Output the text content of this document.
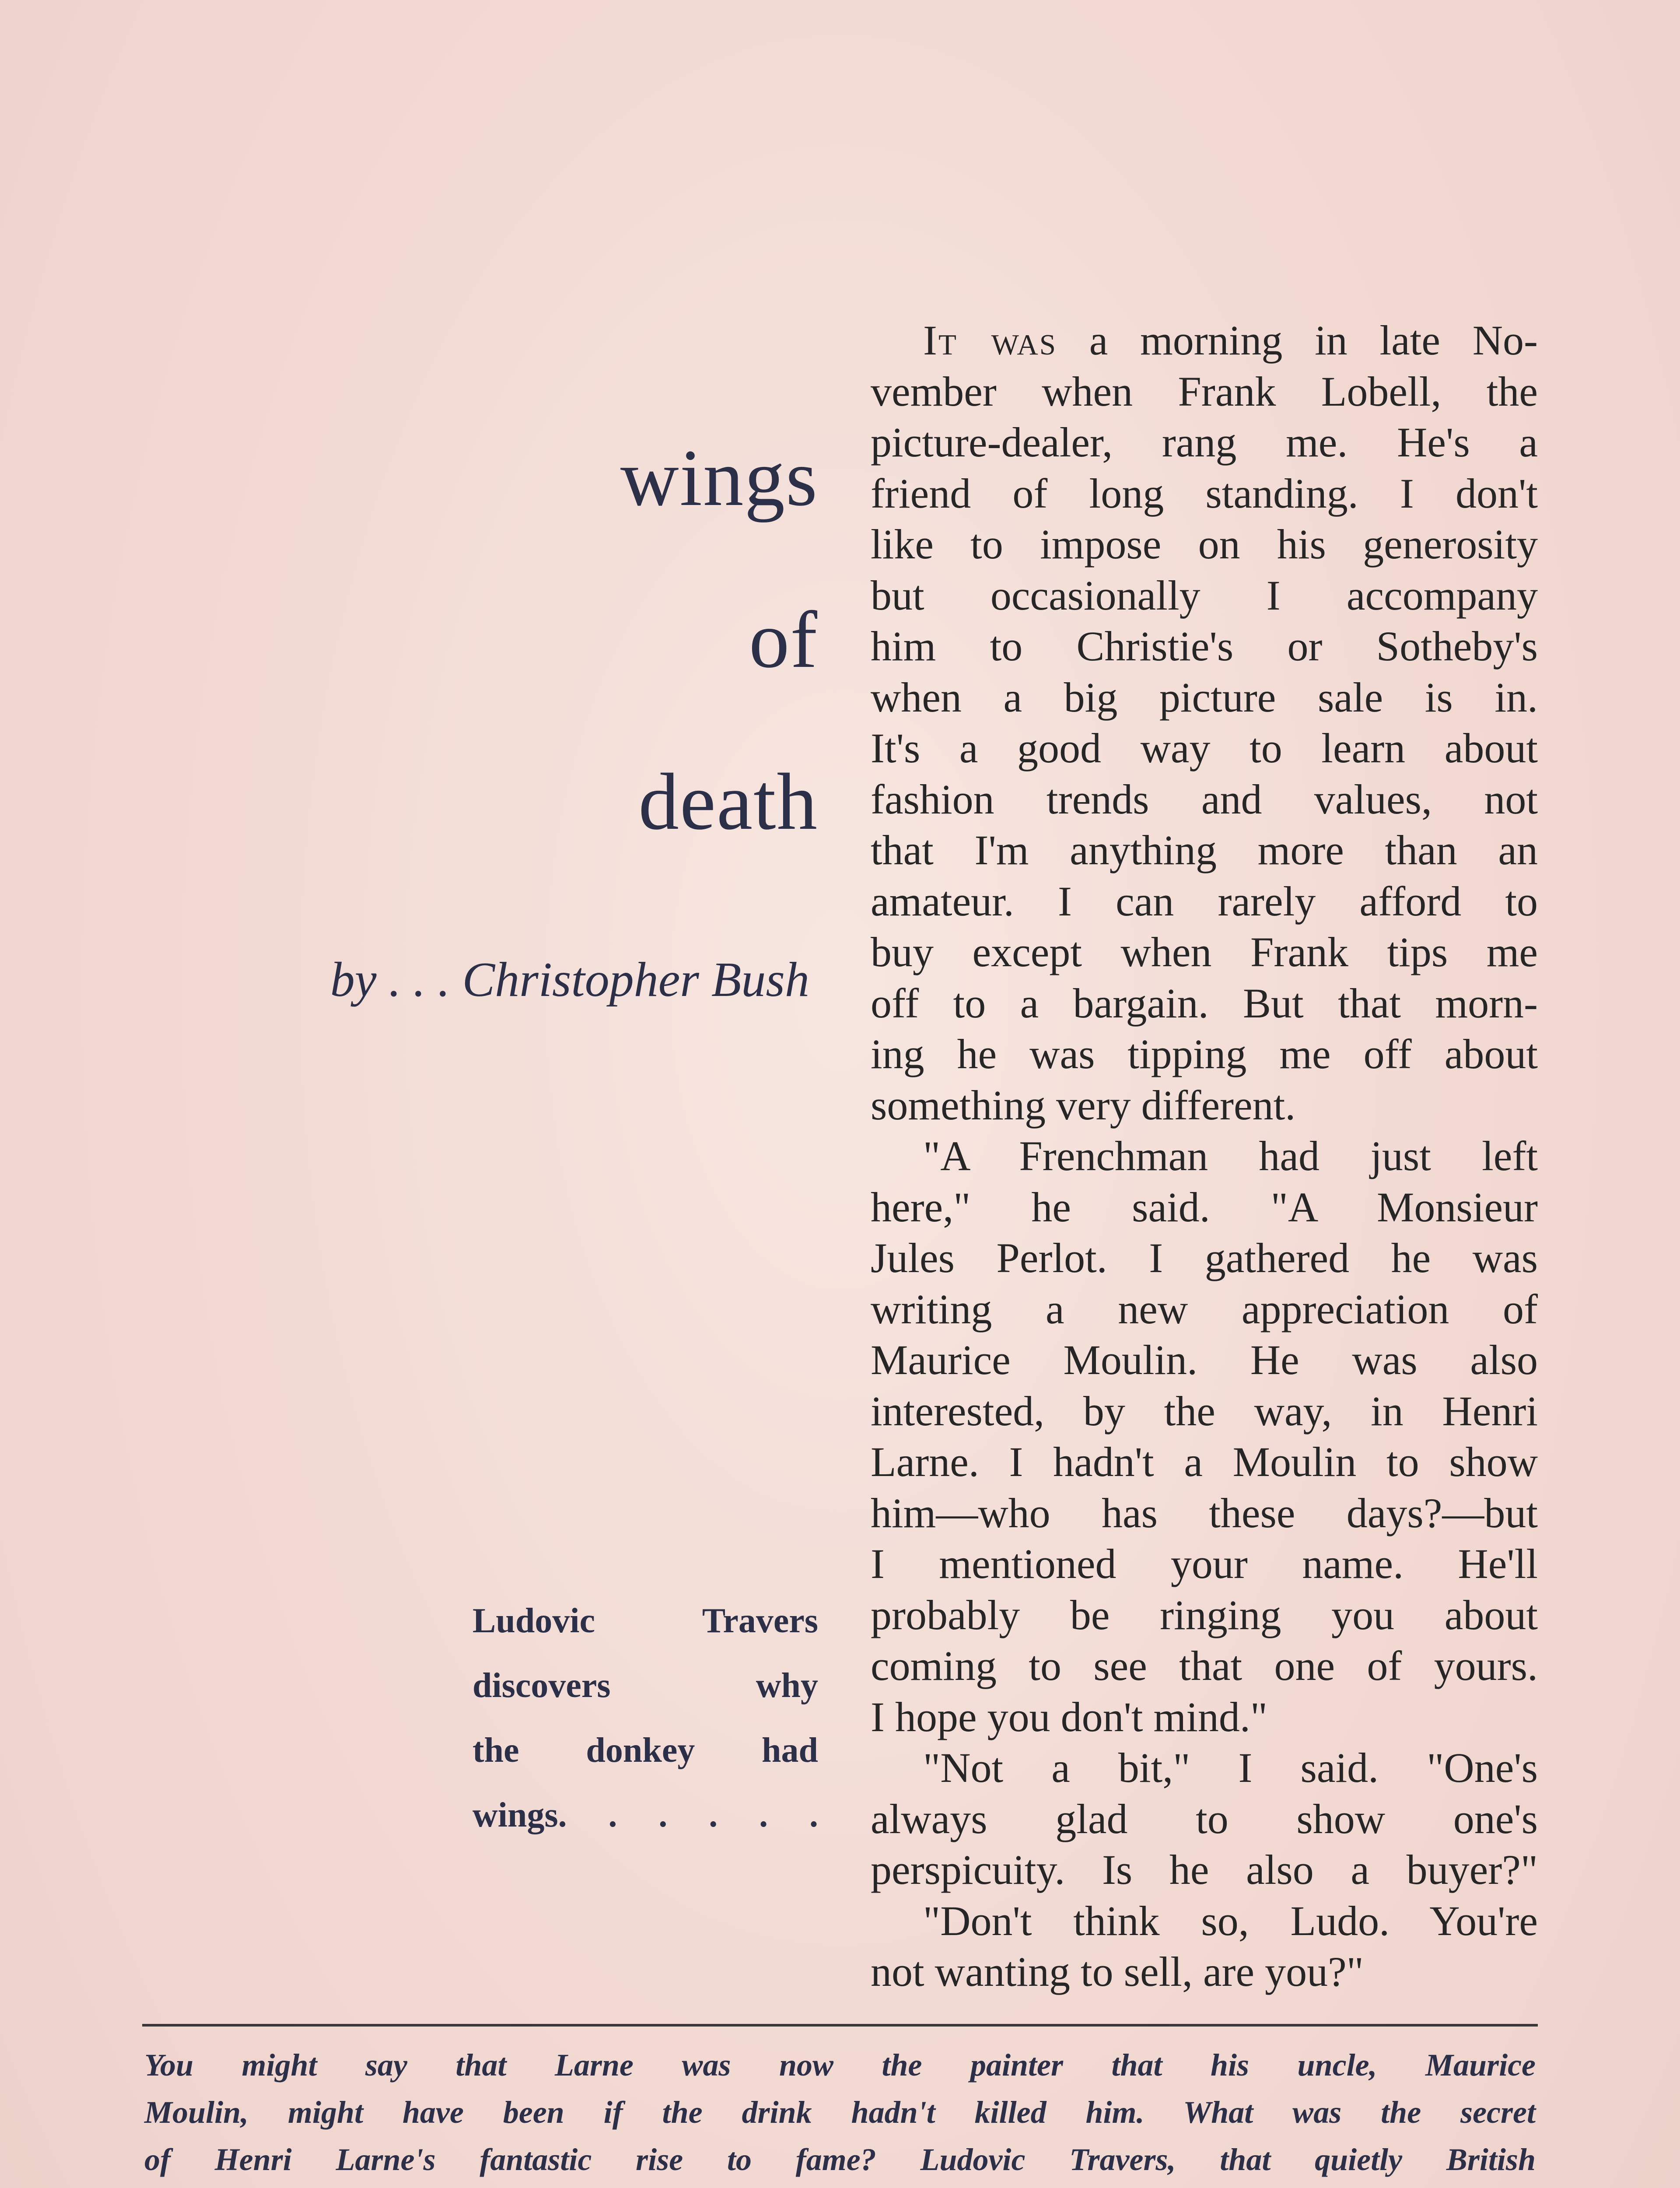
wings
of
death
by . . . Christopher Bush
Ludovic Travers
discovers why
the donkey had
wings. . . . . .
It was a morning in late No-
vember when Frank Lobell, the
picture-dealer, rang me. He's a
friend of long standing. I don't
like to impose on his generosity
but occasionally I accompany
him to Christie's or Sotheby's
when a big picture sale is in.
It's a good way to learn about
fashion trends and values, not
that I'm anything more than an
amateur. I can rarely afford to
buy except when Frank tips me
off to a bargain. But that morn-
ing he was tipping me off about
something very different.
"A Frenchman had just left
here," he said. "A Monsieur
Jules Perlot. I gathered he was
writing a new appreciation of
Maurice Moulin. He was also
interested, by the way, in Henri
Larne. I hadn't a Moulin to show
him—who has these days?—but
I mentioned your name. He'll
probably be ringing you about
coming to see that one of yours.
I hope you don't mind."
"Not a bit," I said. "One's
always glad to show one's
perspicuity. Is he also a buyer?"
"Don't think so, Ludo. You're
not wanting to sell, are you?"
You might say that Larne was now the painter that his uncle, Maurice
Moulin, might have been if the drink hadn't killed him. What was the secret
of Henri Larne's fantastic rise to fame? Ludovic Travers, that quietly British
